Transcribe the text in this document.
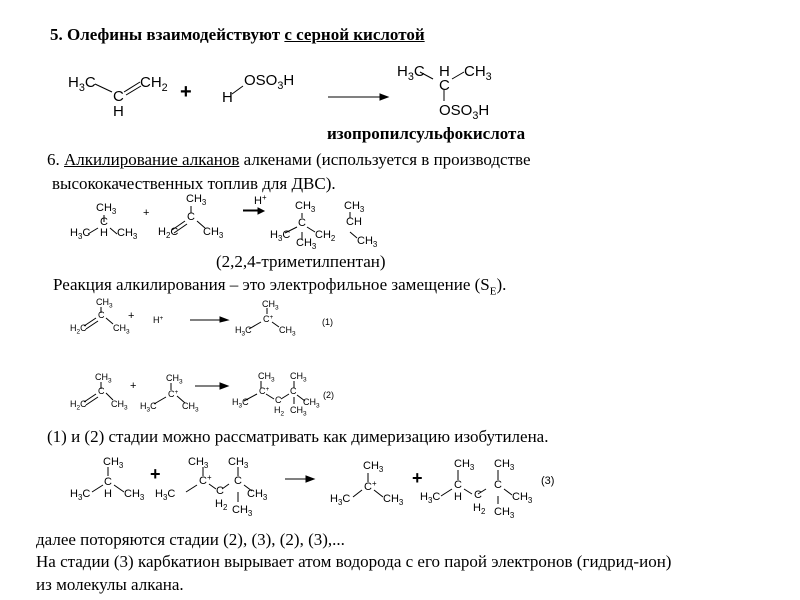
5. Олефины взаимодействуют с серной кислотой
$H_3C$
C
H
$CH_2 + H$
$OSO_3H$
$H_3C$ H $CH_3$
C
$OSO_3H$
изопропилсульфокислота
6. Алкилирование алканов алкенами (используется в производстве
высококачественных топлив для ДВС).
$CH_3$
C
$H_3C$ H $CH_3$
+
$CH_3$
C
$H_2C$ $CH_3$
H+
$CH_3$	$CH_3$
C	CH
$H_3C$ $CH_2$
$CH_3$	$CH_3$
(2,2,4-триметилпентан)
Реакция алкилирования – это электрофильное замещение $(S_E)$.
$CH_3$
C
$H_2C$	$CH_3$
+ H+
$CH_3$
C+
$H_3C$	$CH_3$
(1)
$CH_3$
C
$H_2C$	$CH_3$
+
$CH_3$
C+
$H_3C$	$CH_3$
$CH_3$ $CH_3$
C+ C
$H_3C$	C
$H_2$
$CH_3$
$CH_3$
(2)
(1) и (2) стадии можно рассматривать как димеризацию изобутилена.
$CH_3$
C
$H_3C$ H $CH_3$
+
$CH_3$ $CH_3$
C+ C
$H_3C$	C
$H_2$
$CH_3$
$CH_3$
$CH_3$
C+
$H_3C$	$CH_3$
+
$CH_3$ $CH_3$
C	C
$H_3C$ H C
$H_2$
$CH_3$
$CH_3$
(3)
далее поторяются стадии (2), (3), (2), (3),...
На стадии (3) карбкатион вырывает атом водорода с его парой электронов (гидрид-ион)
из молекулы алкана.
